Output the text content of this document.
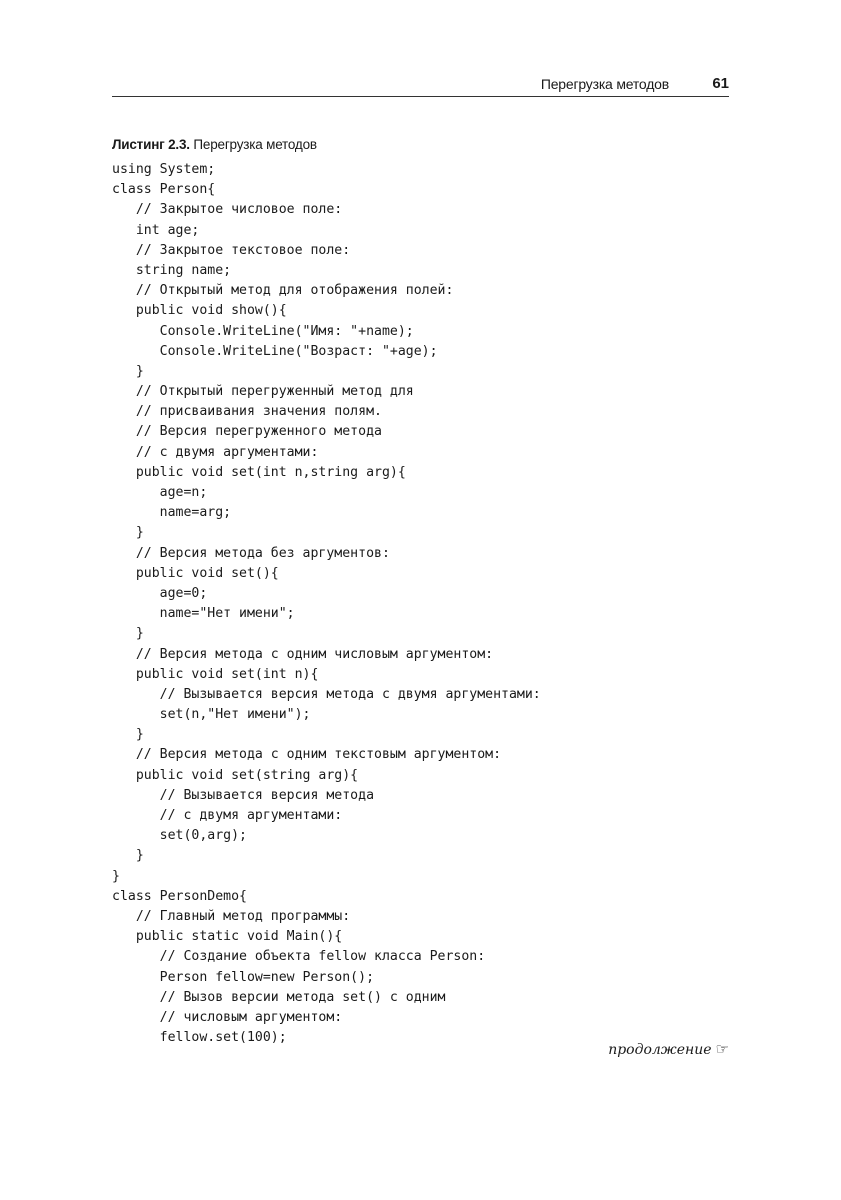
Перегрузка методов	61
Листинг 2.3. Перегрузка методов
using System;
class Person{
// Закрытое числовое поле:
int age;
// Закрытое текстовое поле:
string name;
// Открытый метод для отображения полей:
public void show(){
Console.WriteLine("Имя: "+name);
Console.WriteLine("Возраст: "+age);
}
// Открытый перегруженный метод для
// присваивания значения полям.
// Версия перегруженного метода
// с двумя аргументами:
public void set(int n,string arg){
age=n;
name=arg;
}
// Версия метода без аргументов:
public void set(){
age=0;
name="Нет имени";
}
// Версия метода с одним числовым аргументом:
public void set(int n){
// Вызывается версия метода с двумя аргументами:
set(n,"Нет имени");
}
// Версия метода с одним текстовым аргументом:
public void set(string arg){
// Вызывается версия метода
// с двумя аргументами:
set(0,arg);
}
}
class PersonDemo{
// Главный метод программы:
public static void Main(){
// Создание объекта fellow класса Person:
Person fellow=new Person();
// Вызов версии метода set() с одним
// числовым аргументом:
fellow.set(100);
продолжение ☞
